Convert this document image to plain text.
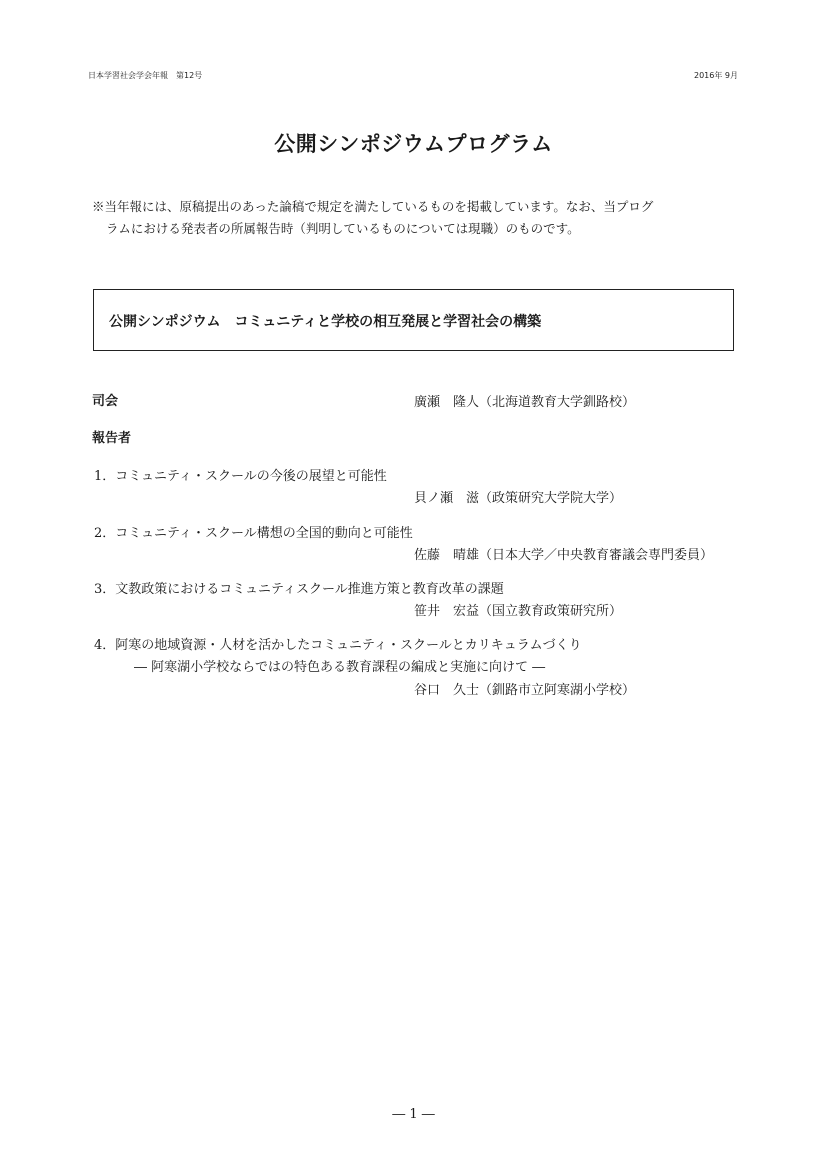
日本学習社会学会年報　第12号	2016年 9月
公開シンポジウムプログラム
※当年報には、原稿提出のあった論稿で規定を満たしているものを掲載しています。なお、当プログ
ラムにおける発表者の所属報告時（判明しているものについては現職）のものです。
公開シンポジウム　コミュニティと学校の相互発展と学習社会の構築
司会	廣瀬　隆人（北海道教育大学釧路校）
報告者
1．コミュニティ・スクールの今後の展望と可能性
貝ノ瀬　滋（政策研究大学院大学）
2．コミュニティ・スクール構想の全国的動向と可能性
佐藤　晴雄（日本大学／中央教育審議会専門委員）
3．文教政策におけるコミュニティスクール推進方策と教育改革の課題
笹井　宏益（国立教育政策研究所）
4．阿寒の地域資源・人材を活かしたコミュニティ・スクールとカリキュラムづくり
― 阿寒湖小学校ならではの特色ある教育課程の編成と実施に向けて ―
谷口　久士（釧路市立阿寒湖小学校）
― 1 ―
